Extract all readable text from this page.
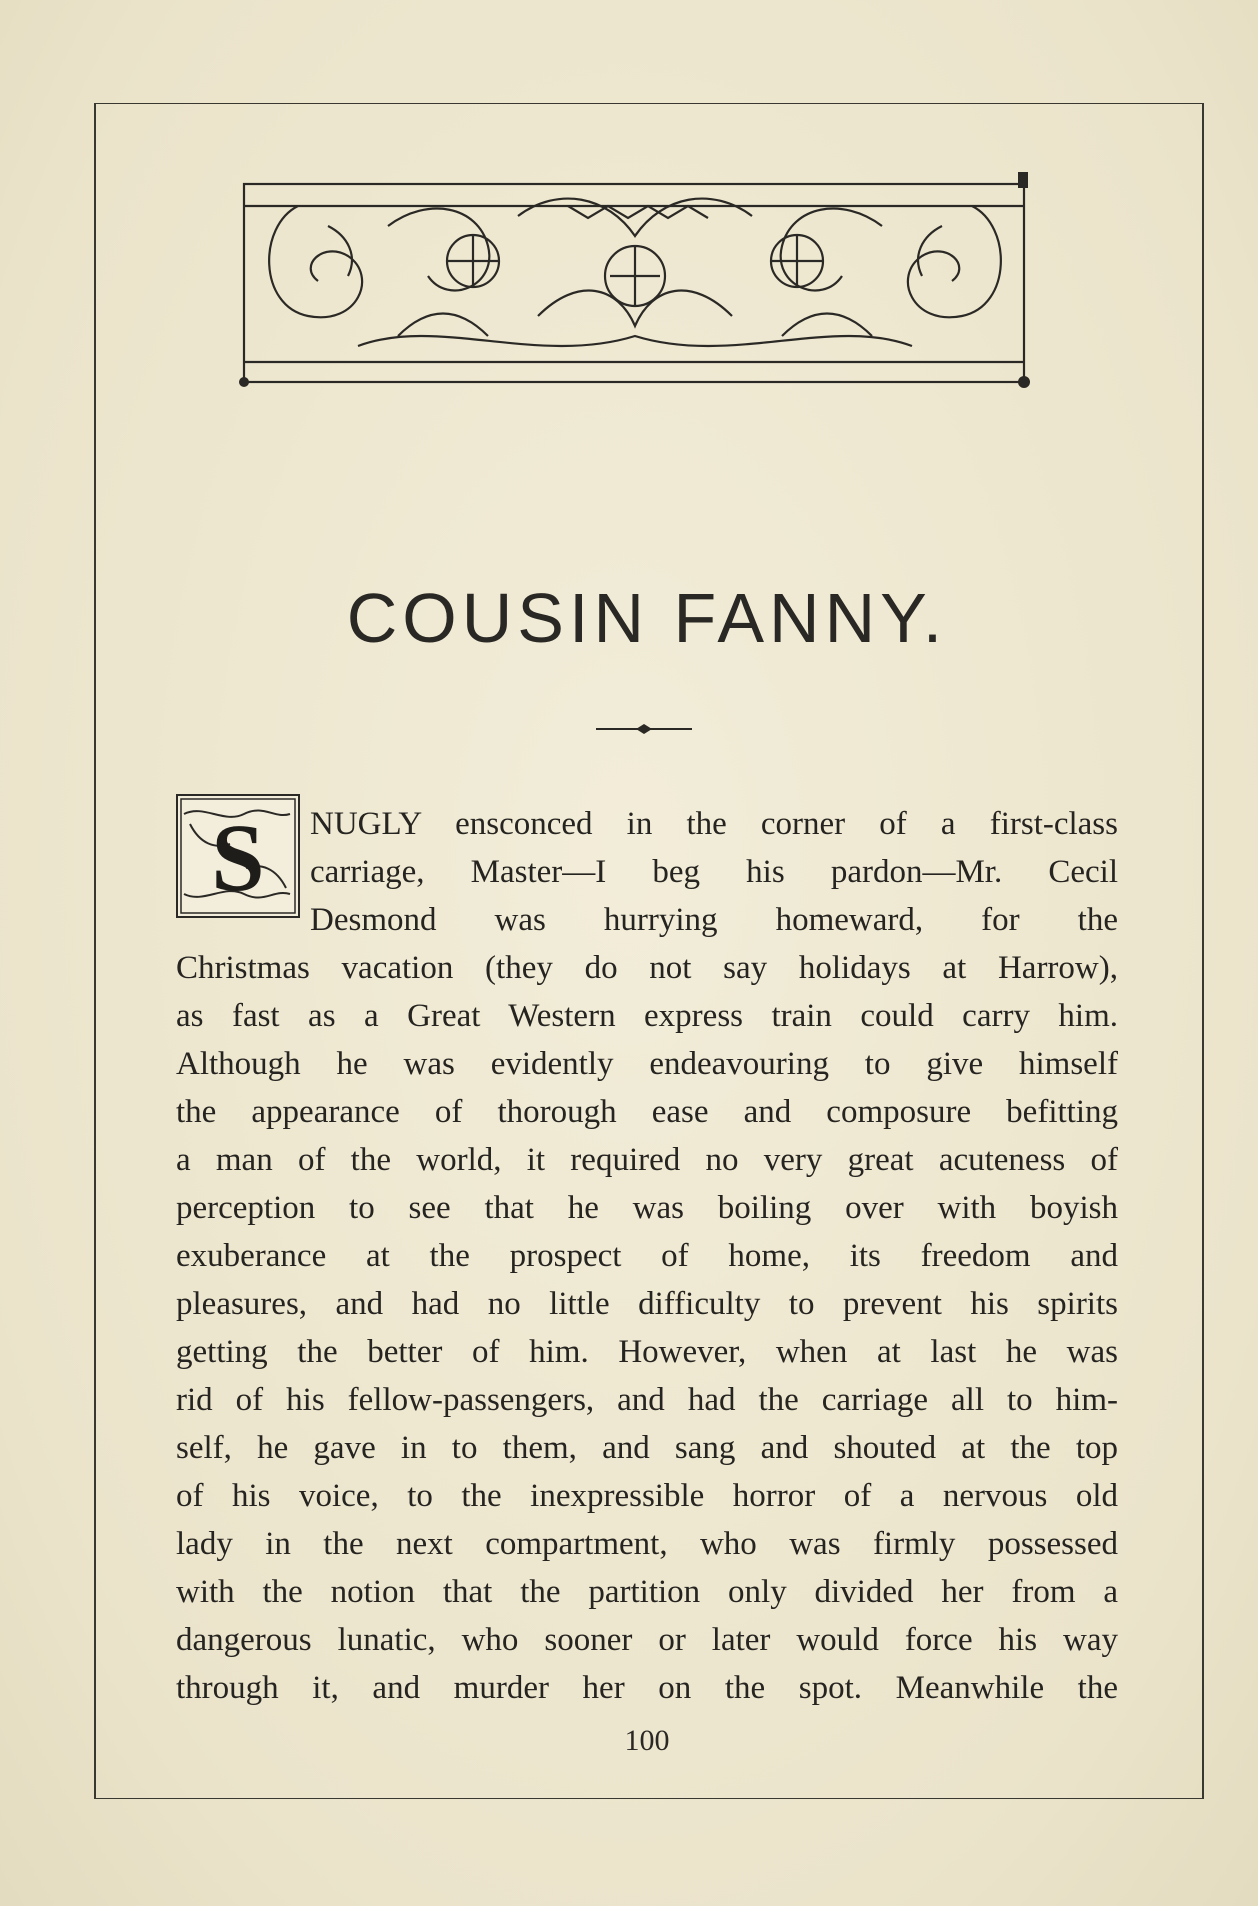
COUSIN FANNY.
S	NUGLY ensconced in the corner of a first-class
carriage, Master—I beg his pardon—Mr. Cecil
Desmond was hurrying homeward, for the
Christmas vacation (they do not say holidays at Harrow),
as fast as a Great Western express train could carry him.
Although he was evidently endeavouring to give himself
the appearance of thorough ease and composure befitting
a man of the world, it required no very great acuteness of
perception to see that he was boiling over with boyish
exuberance at the prospect of home, its freedom and
pleasures, and had no little difficulty to prevent his spirits
getting the better of him. However, when at last he was
rid of his fellow-passengers, and had the carriage all to him-
self, he gave in to them, and sang and shouted at the top
of his voice, to the inexpressible horror of a nervous old
lady in the next compartment, who was firmly possessed
with the notion that the partition only divided her from a
dangerous lunatic, who sooner or later would force his way
through it, and murder her on the spot. Meanwhile the
100
